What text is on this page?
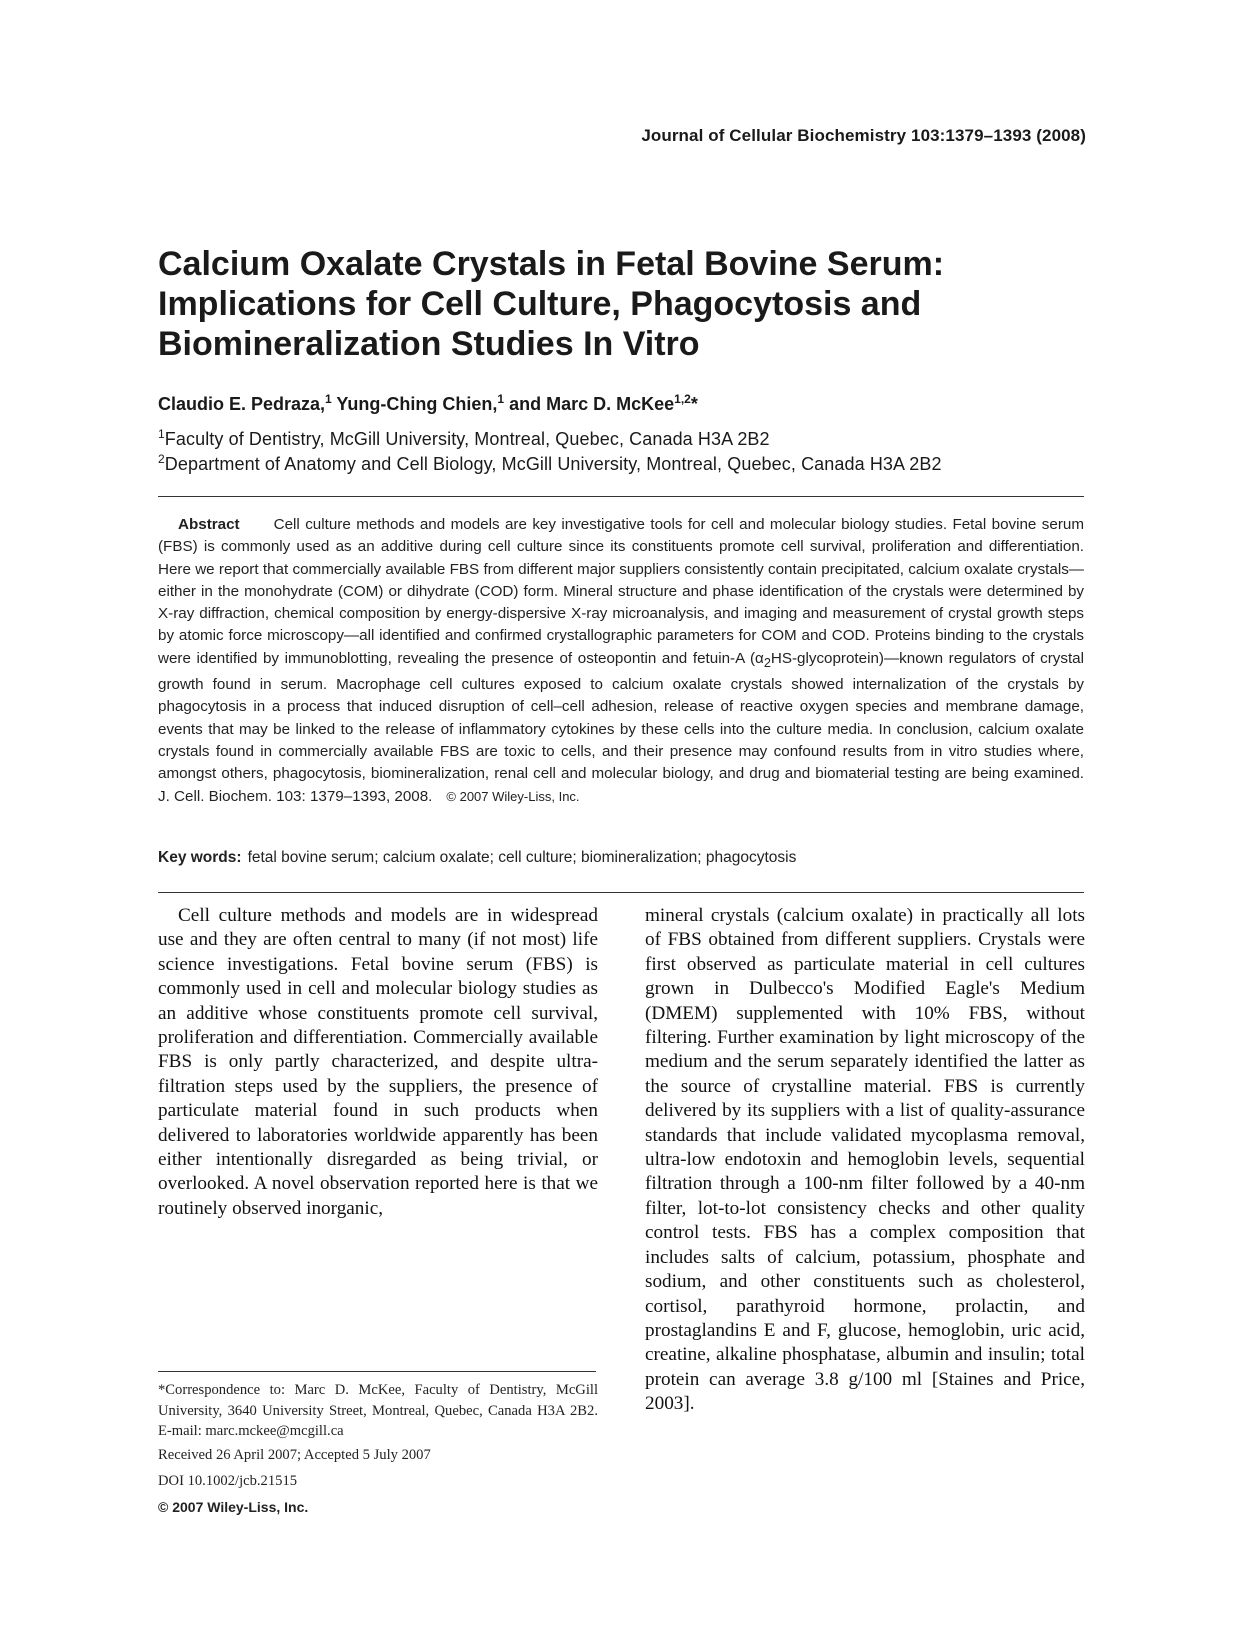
Journal of Cellular Biochemistry 103:1379–1393 (2008)
Calcium Oxalate Crystals in Fetal Bovine Serum:
Implications for Cell Culture, Phagocytosis and
Biomineralization Studies In Vitro
Claudio E. Pedraza,$^1$ Yung-Ching Chien,$^1$ and Marc D. McKee$^{1,2}$*
$^1$Faculty of Dentistry, McGill University, Montreal, Quebec, Canada H3A 2B2
$^2$Department of Anatomy and Cell Biology, McGill University, Montreal, Quebec, Canada H3A 2B2

Abstract Cell culture methods and models are key investigative tools for cell and molecular biology studies. Fetal bovine serum (FBS) is commonly used as an additive during cell culture since its constituents promote cell survival, proliferation and differentiation. Here we report that commercially available FBS from different major suppliers consistently contain precipitated, calcium oxalate crystals—either in the monohydrate (COM) or dihydrate (COD) form. Mineral structure and phase identification of the crystals were determined by X-ray diffraction, chemical composition by energy-dispersive X-ray microanalysis, and imaging and measurement of crystal growth steps by atomic force microscopy—all identified and confirmed crystallographic parameters for COM and COD. Proteins binding to the crystals were identified by immunoblotting, revealing the presence of osteopontin and fetuin-A $(\alpha_2HS-glycoprotein)—known$ regulators of crystal growth found in serum. Macrophage cell cultures exposed to calcium oxalate crystals showed internalization of the crystals by phagocytosis in a process that induced disruption of cell–cell adhesion, release of reactive oxygen species and membrane damage, events that may be linked to the release of inflammatory cytokines by these cells into the culture media. In conclusion, calcium oxalate crystals found in commercially available FBS are toxic to cells, and their presence may confound results from in vitro studies where, amongst others, phagocytosis, biomineralization, renal cell and molecular biology, and drug and biomaterial testing are being examined. J. Cell. Biochem. 103: 1379–1393, 2008. © 2007 Wiley-Liss, Inc.

Key words: fetal bovine serum; calcium oxalate; cell culture; biomineralization; phagocytosis

Cell culture methods and models are in widespread use and they are often central to many (if not most) life science investigations. Fetal bovine serum (FBS) is commonly used in cell and molecular biology studies as an additive whose constituents promote cell survival, proliferation and differentiation. Commercially available FBS is only partly characterized, and despite ultra-filtration steps used by the suppliers, the presence of particulate material found in such products when delivered to laboratories worldwide apparently has been either intentionally disregarded as being trivial, or overlooked. A novel observation reported here is that we routinely observed inorganic,

mineral crystals (calcium oxalate) in practically all lots of FBS obtained from different suppliers. Crystals were first observed as particulate material in cell cultures grown in Dulbecco's Modified Eagle's Medium (DMEM) supplemented with 10% FBS, without filtering. Further examination by light microscopy of the medium and the serum separately identified the latter as the source of crystalline material. FBS is currently delivered by its suppliers with a list of quality-assurance standards that include validated mycoplasma removal, ultra-low endotoxin and hemoglobin levels, sequential filtration through a 100-nm filter followed by a 40-nm filter, lot-to-lot consistency checks and other quality control tests. FBS has a complex composition that includes salts of calcium, potassium, phosphate and sodium, and other constituents such as cholesterol, cortisol, parathyroid hormone, prolactin, and prostaglandins E and F, glucose, hemoglobin, uric acid, creatine, alkaline phosphatase, albumin and insulin; total protein can average 3.8 g/100 ml [Staines and Price, 2003].

*Correspondence to: Marc D. McKee, Faculty of Dentistry, McGill University, 3640 University Street, Montreal, Quebec, Canada H3A 2B2. E-mail: marc.mckee@mcgill.ca

Received 26 April 2007; Accepted 5 July 2007

DOI 10.1002/jcb.21515

© 2007 Wiley-Liss, Inc.
